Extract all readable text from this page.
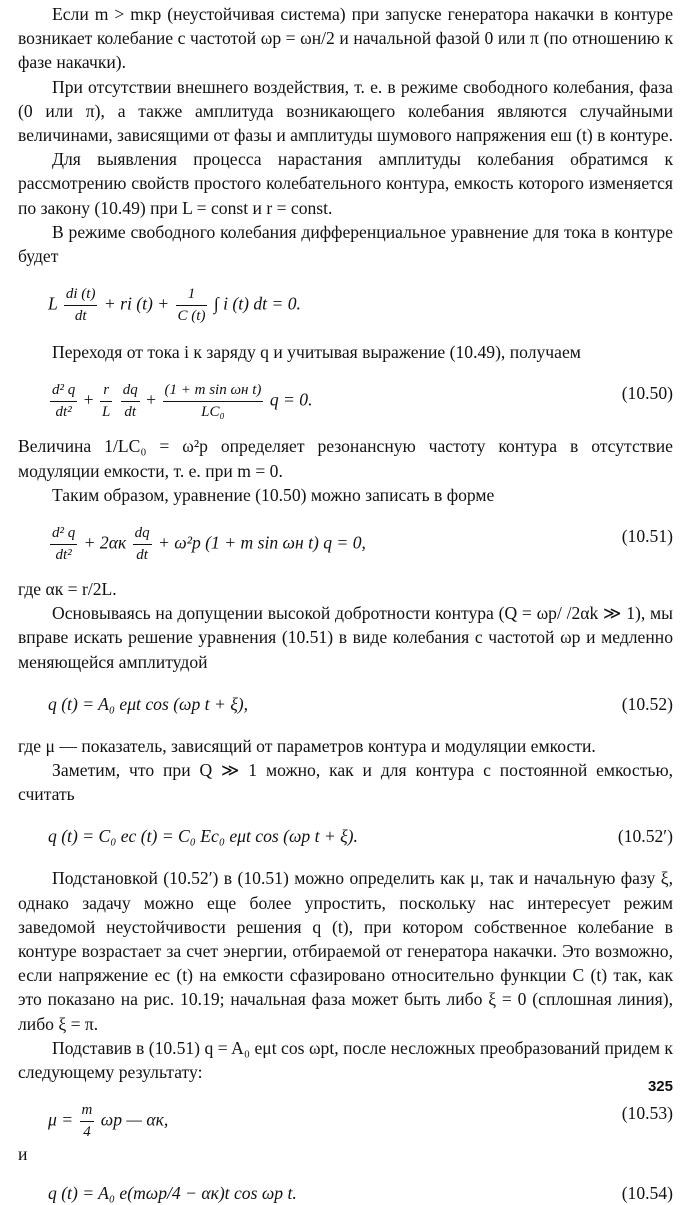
Если m > mкр (неустойчивая система) при запуске генератора накачки в контуре возникает колебание с частотой ωр = ωн/2 и начальной фазой 0 или π (по отношению к фазе накачки).

При отсутствии внешнего воздействия, т. е. в режиме свободного колебания, фаза (0 или π), а также амплитуда возникающего колебания являются случайными величинами, зависящими от фазы и амплитуды шумового напряжения eш (t) в контуре.

Для выявления процесса нарастания амплитуды колебания обратимся к рассмотрению свойств простого колебательного контура, емкость которого изменяется по закону (10.49) при L = const и r = const.

В режиме свободного колебания дифференциальное уравнение для тока в контуре будет

L $\frac{di (t)}{dt}$ + ri $(t) + \frac{1}{C (t)}$ ∫ i (t) dt = 0.

Переходя от тока i к заряду q и учитывая выражение (10.49), получаем

$\frac{\text{d² q}}{\text{dt²}} + \frac{r}{L}$
$\frac{dq}{dt} + \frac{\text{(1 + m sin ωн t)}}{\text{LC₀}}$ q = 0.	(10.50)

Величина 1/LC₀ = ω²р определяет резонансную частоту контура в отсутствие модуляции емкости, т. е. при m = 0.

Таким образом, уравнение (10.50) можно записать в форме

$\frac{\text{d² q}}{\text{dt²}} + 2\alpha к \frac{dq}{dt} + \omega^2р$ (1 + m sin ωн t) q = 0,	(10.51)

где αк = r/2L.

Основываясь на допущении высокой добротности контура (Q = ωр/ /2αk ≫ 1), мы вправе искать решение уравнения (10.51) в виде колебания с частотой ωр и медленно меняющейся амплитудой

q (t) = A₀ eμt cos (ωр t + ξ),	(10.52)

где μ — показатель, зависящий от параметров контура и модуляции емкости.

Заметим, что при Q ≫ 1 можно, как и для контура с постоянной емкостью, считать

q (t) = C₀ eс (t) = C₀ Eс₀ eμt cos (ωр t + ξ).	(10.52′)

Подстановкой (10.52′) в (10.51) можно определить как μ, так и начальную фазу ξ, однако задачу можно еще более упростить, поскольку нас интересует режим заведомой неустойчивости решения q (t), при котором собственное колебание в контуре возрастает за счет энергии, отбираемой от генератора накачки. Это возможно, если напряжение eс (t) на емкости сфазировано относительно функции C (t) так, как это показано на рис. 10.19; начальная фаза может быть либо ξ = 0 (сплошная линия), либо ξ = π.

Подставив в (10.51) q = A₀ eμt cos ωрt, после несложных преобразований придем к следующему результату:

$\mu = \frac{m}{4}$ ωр — αк,	(10.53)

и

q (t) = A₀ e(mωр/4 − αк)t cos ωр t.	(10.54)
325
